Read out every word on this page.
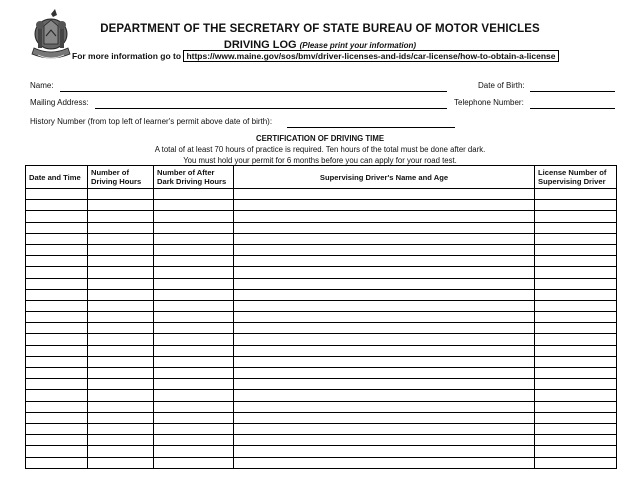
DEPARTMENT OF THE SECRETARY OF STATE BUREAU OF MOTOR VEHICLES
DRIVING LOG (Please print your information)
For more information go to https://www.maine.gov/sos/bmv/driver-licenses-and-ids/car-license/how-to-obtain-a-license
Name:	Date of Birth:
Mailing Address:	Telephone Number:
History Number (from top left of learner's permit above date of birth):
CERTIFICATION OF DRIVING TIME
A total of at least 70 hours of practice is required. Ten hours of the total must be done after dark.
You must hold your permit for 6 months before you can apply for your road test.
Date and Time	Number of Driving Hours	Number of After Dark Driving Hours	Supervising Driver's Name and Age	License Number of Supervising Driver
